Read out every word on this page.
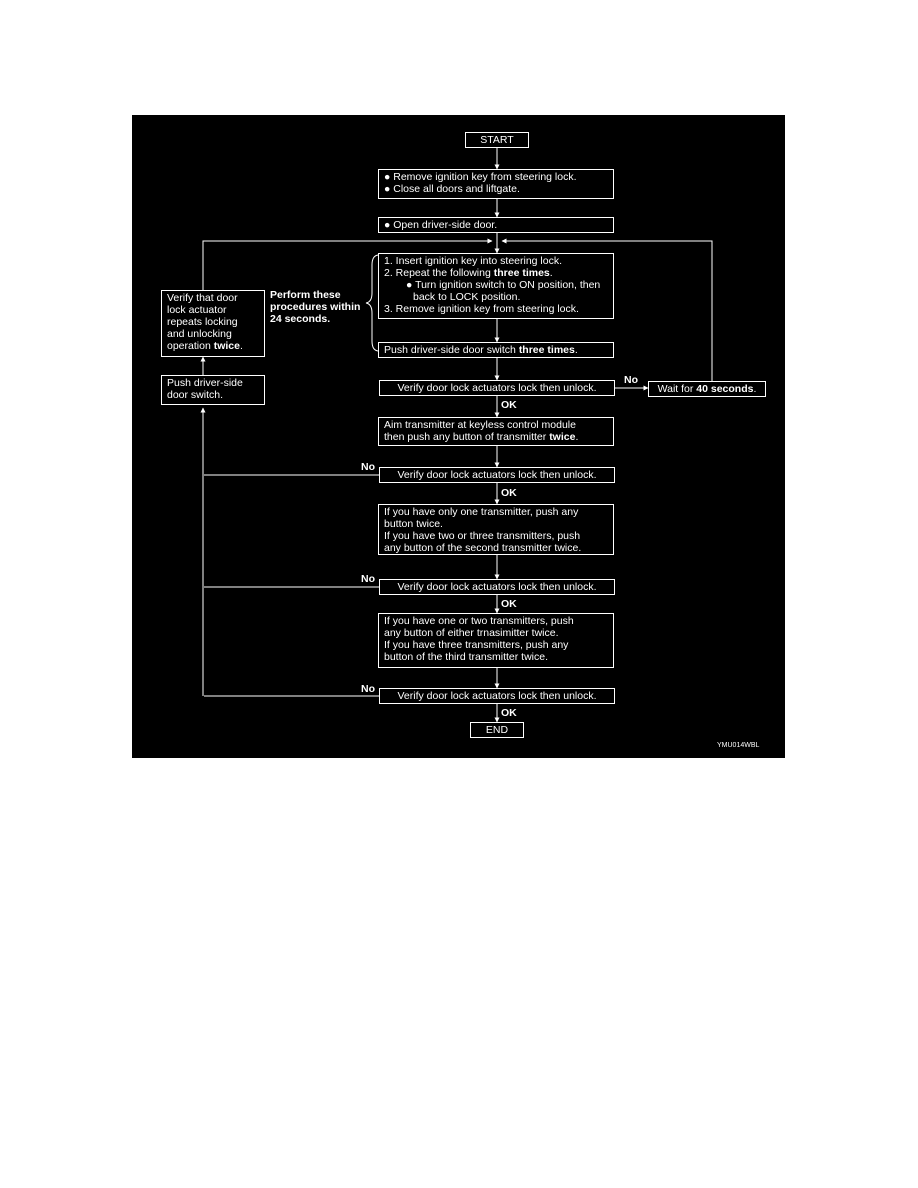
START
● Remove ignition key from steering lock.
● Close all doors and liftgate.
● Open driver-side door.
1. Insert ignition key into steering lock.
2. Repeat the following three times.
● Turn ignition switch to ON position, then
back to LOCK position.
3. Remove ignition key from steering lock.
Push driver-side door switch three times.
Verify door lock actuators lock then unlock.	Wait for 40 seconds.
Aim transmitter at keyless control module
then push any button of transmitter twice.
Verify door lock actuators lock then unlock.
If you have only one transmitter, push any
button twice.
If you have two or three transmitters, push
any button of the second transmitter twice.
Verify door lock actuators lock then unlock.
If you have one or two transmitters, push
any button of either trnasimitter twice.
If you have three transmitters, push any
button of the third transmitter twice.
Verify door lock actuators lock then unlock.
END
Verify that door
lock actuator
repeats locking
and unlocking
operation twice.
Push driver-side
door switch.
Perform these
procedures within
24 seconds.
No
OK
No
OK
No
OK
No
OK
YMU014WBL
